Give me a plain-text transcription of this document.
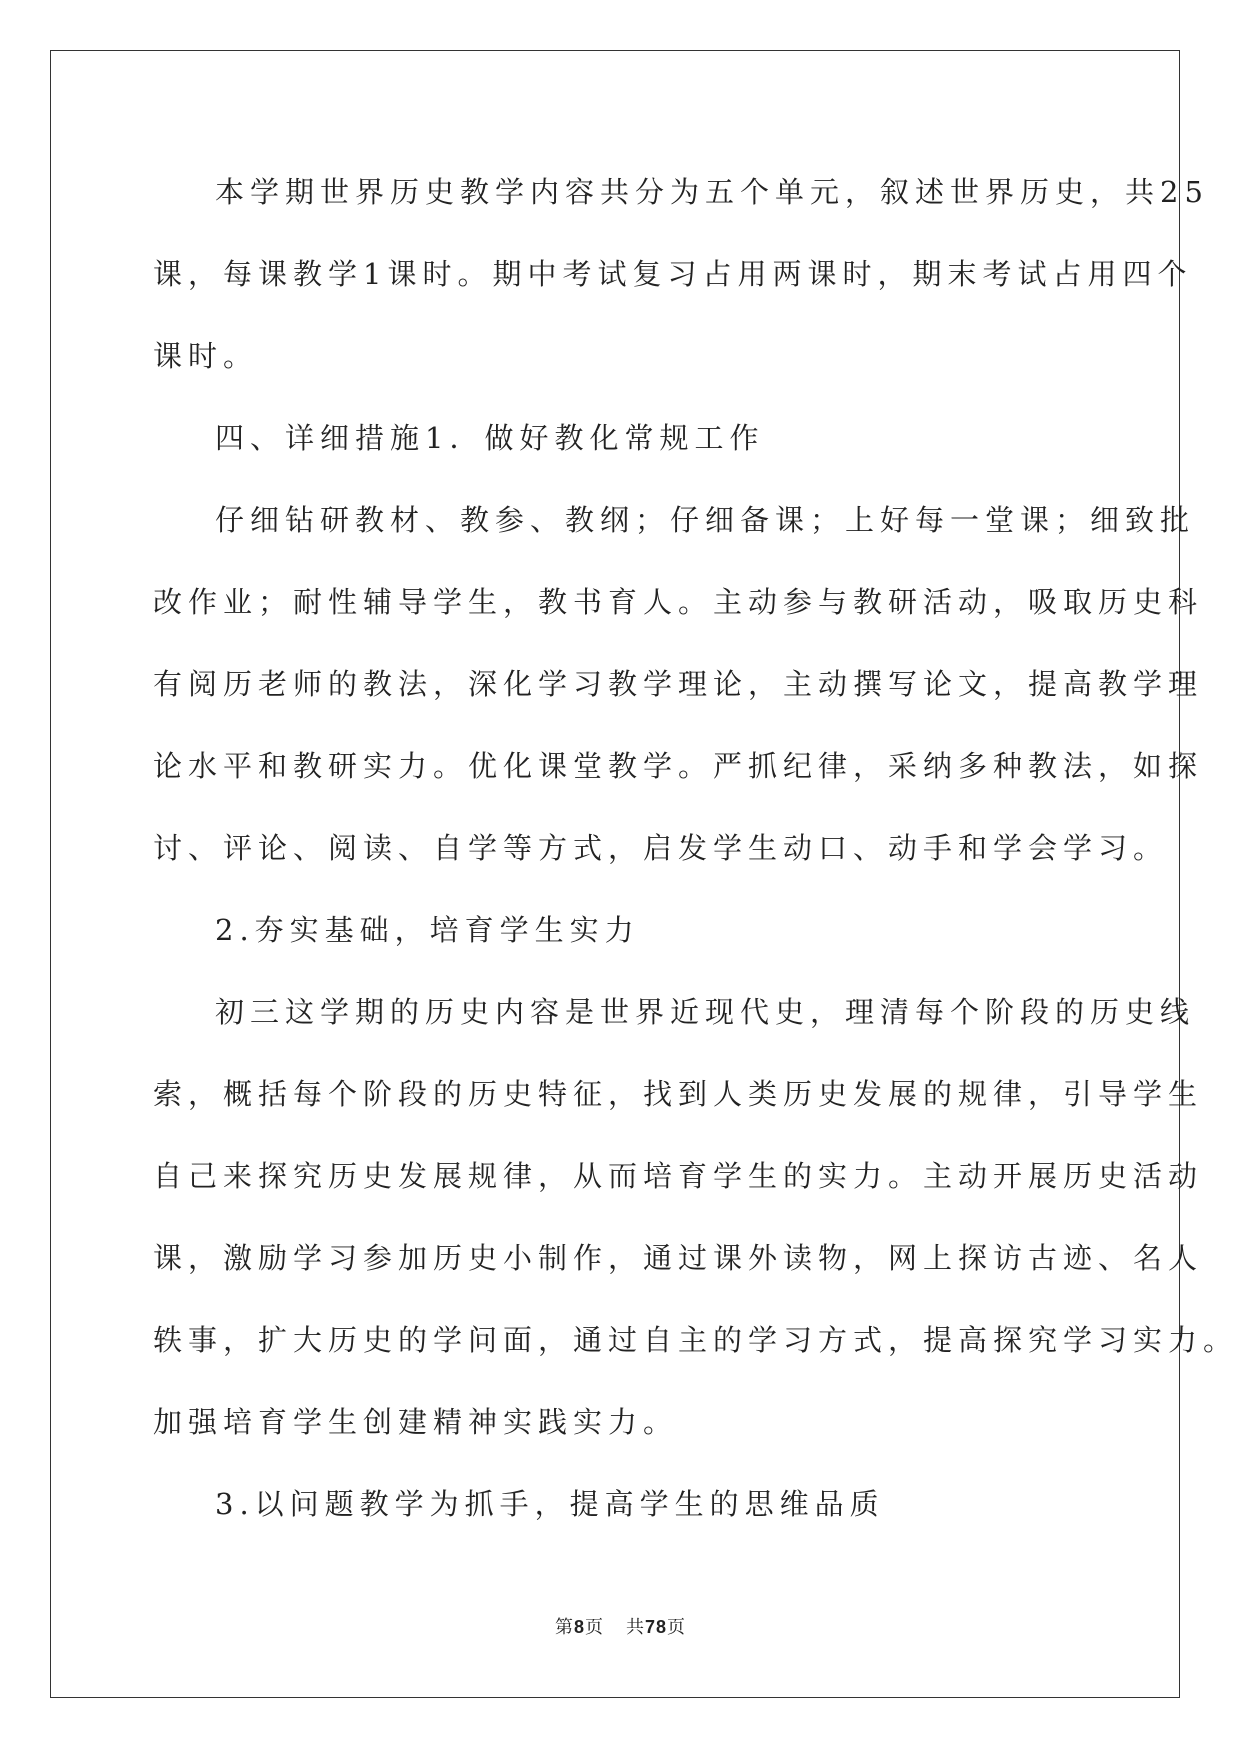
本学期世界历史教学内容共分为五个单元，叙述世界历史，共25
课，每课教学1课时。期中考试复习占用两课时，期末考试占用四个
课时。
四、详细措施1．做好教化常规工作
仔细钻研教材、教参、教纲；仔细备课；上好每一堂课；细致批
改作业；耐性辅导学生，教书育人。主动参与教研活动，吸取历史科
有阅历老师的教法，深化学习教学理论，主动撰写论文，提高教学理
论水平和教研实力。优化课堂教学。严抓纪律，采纳多种教法，如探
讨、评论、阅读、自学等方式，启发学生动口、动手和学会学习。
2.夯实基础，培育学生实力
初三这学期的历史内容是世界近现代史，理清每个阶段的历史线
索，概括每个阶段的历史特征，找到人类历史发展的规律，引导学生
自己来探究历史发展规律，从而培育学生的实力。主动开展历史活动
课，激励学习参加历史小制作，通过课外读物，网上探访古迹、名人
轶事，扩大历史的学问面，通过自主的学习方式，提高探究学习实力。
加强培育学生创建精神实践实力。
3.以问题教学为抓手，提高学生的思维品质
第8页 共78页
